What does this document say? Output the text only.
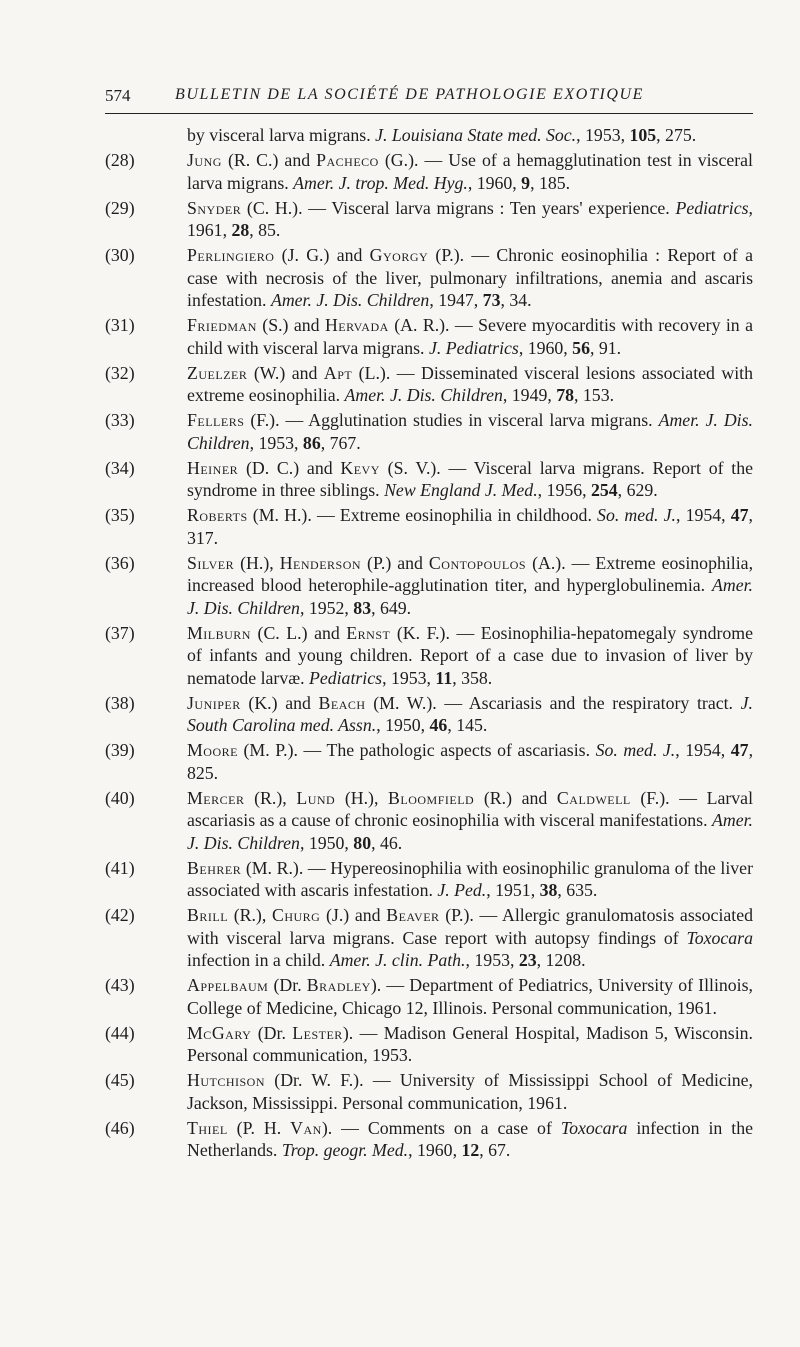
574	BULLETIN DE LA SOCIÉTÉ DE PATHOLOGIE EXOTIQUE
by visceral larva migrans. J. Louisiana State med. Soc., 1953, 105, 275.
(28)	Jung (R. C.) and Pacheco (G.). — Use of a hemagglutination test in visceral larva migrans. Amer. J. trop. Med. Hyg., 1960, 9, 185.
(29)	Snyder (C. H.). — Visceral larva migrans : Ten years' experience. Pediatrics, 1961, 28, 85.
(30)	Perlingiero (J. G.) and Gyorgy (P.). — Chronic eosinophilia : Report of a case with necrosis of the liver, pulmonary infiltrations, anemia and ascaris infestation. Amer. J. Dis. Children, 1947, 73, 34.
(31)	Friedman (S.) and Hervada (A. R.). — Severe myocarditis with recovery in a child with visceral larva migrans. J. Pediatrics, 1960, 56, 91.
(32)	Zuelzer (W.) and Apt (L.). — Disseminated visceral lesions associated with extreme eosinophilia. Amer. J. Dis. Children, 1949, 78, 153.
(33)	Fellers (F.). — Agglutination studies in visceral larva migrans. Amer. J. Dis. Children, 1953, 86, 767.
(34)	Heiner (D. C.) and Kevy (S. V.). — Visceral larva migrans. Report of the syndrome in three siblings. New England J. Med., 1956, 254, 629.
(35)	Roberts (M. H.). — Extreme eosinophilia in childhood. So. med. J., 1954, 47, 317.
(36)	Silver (H.), Henderson (P.) and Contopoulos (A.). — Extreme eosinophilia, increased blood heterophile-agglutination titer, and hyperglobulinemia. Amer. J. Dis. Children, 1952, 83, 649.
(37)	Milburn (C. L.) and Ernst (K. F.). — Eosinophilia-hepatomegaly syndrome of infants and young children. Report of a case due to invasion of liver by nematode larvæ. Pediatrics, 1953, 11, 358.
(38)	Juniper (K.) and Beach (M. W.). — Ascariasis and the respiratory tract. J. South Carolina med. Assn., 1950, 46, 145.
(39)	Moore (M. P.). — The pathologic aspects of ascariasis. So. med. J., 1954, 47, 825.
(40)	Mercer (R.), Lund (H.), Bloomfield (R.) and Caldwell (F.). — Larval ascariasis as a cause of chronic eosinophilia with visceral manifestations. Amer. J. Dis. Children, 1950, 80, 46.
(41)	Behrer (M. R.). — Hypereosinophilia with eosinophilic granuloma of the liver associated with ascaris infestation. J. Ped., 1951, 38, 635.
(42)	Brill (R.), Churg (J.) and Beaver (P.). — Allergic granulomatosis associated with visceral larva migrans. Case report with autopsy findings of Toxocara infection in a child. Amer. J. clin. Path., 1953, 23, 1208.
(43)	Appelbaum (Dr. Bradley). — Department of Pediatrics, University of Illinois, College of Medicine, Chicago 12, Illinois. Personal communication, 1961.
(44)	McGary (Dr. Lester). — Madison General Hospital, Madison 5, Wisconsin. Personal communication, 1953.
(45)	Hutchison (Dr. W. F.). — University of Mississippi School of Medicine, Jackson, Mississippi. Personal communication, 1961.
(46)	Thiel (P. H. Van). — Comments on a case of Toxocara infection in the Netherlands. Trop. geogr. Med., 1960, 12, 67.
